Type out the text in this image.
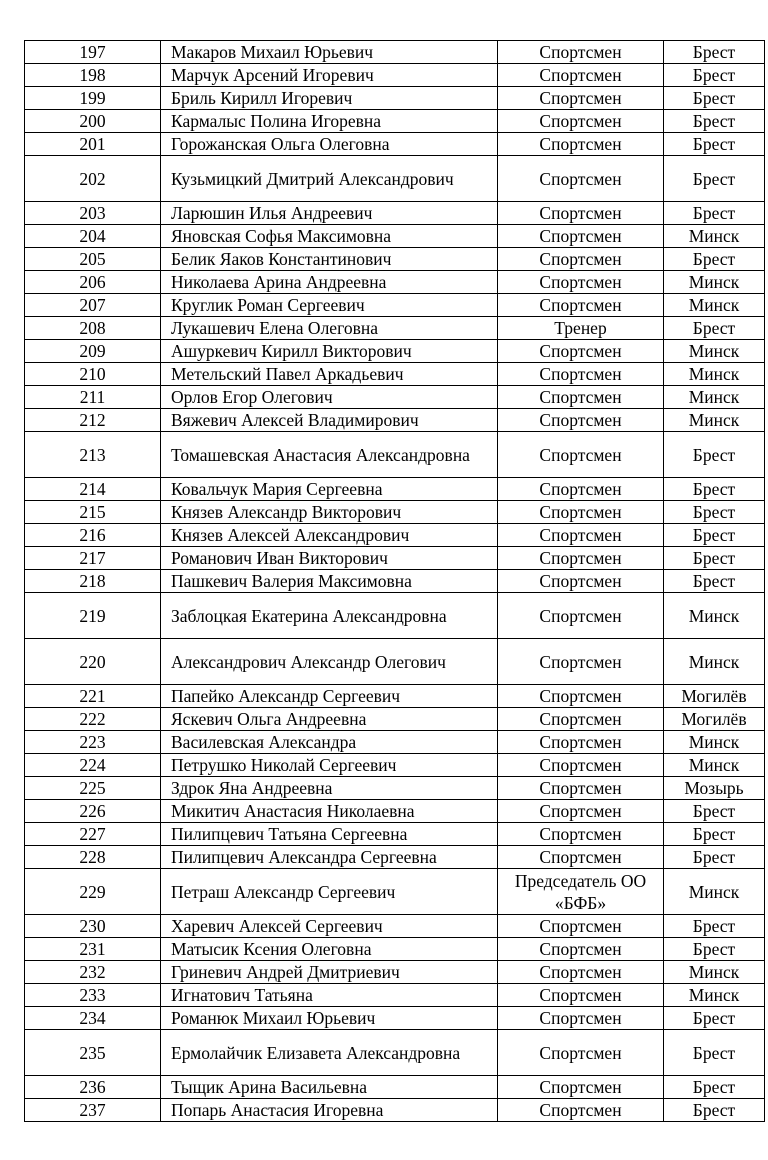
197	Макаров Михаил Юрьевич	Спортсмен	Брест
198	Марчук Арсений Игоревич	Спортсмен	Брест
199	Бриль Кирилл Игоревич	Спортсмен	Брест
200	Кармалыс Полина Игоревна	Спортсмен	Брест
201	Горожанская Ольга Олеговна	Спортсмен	Брест
202	Кузьмицкий Дмитрий Александрович	Спортсмен	Брест
203	Ларюшин Илья Андреевич	Спортсмен	Брест
204	Яновская Софья Максимовна	Спортсмен	Минск
205	Белик Яаков Константинович	Спортсмен	Брест
206	Николаева Арина Андреевна	Спортсмен	Минск
207	Круглик Роман Сергеевич	Спортсмен	Минск
208	Лукашевич Елена Олеговна	Тренер	Брест
209	Ашуркевич Кирилл Викторович	Спортсмен	Минск
210	Метельский Павел Аркадьевич	Спортсмен	Минск
211	Орлов Егор Олегович	Спортсмен	Минск
212	Вяжевич Алексей Владимирович	Спортсмен	Минск
213	Томашевская Анастасия Александровна	Спортсмен	Брест
214	Ковальчук Мария Сергеевна	Спортсмен	Брест
215	Князев Александр Викторович	Спортсмен	Брест
216	Князев Алексей Александрович	Спортсмен	Брест
217	Романович Иван Викторович	Спортсмен	Брест
218	Пашкевич Валерия Максимовна	Спортсмен	Брест
219	Заблоцкая Екатерина Александровна	Спортсмен	Минск
220	Александрович Александр Олегович	Спортсмен	Минск
221	Папейко Александр Сергеевич	Спортсмен	Могилёв
222	Яскевич Ольга Андреевна	Спортсмен	Могилёв
223	Василевская Александра	Спортсмен	Минск
224	Петрушко Николай Сергеевич	Спортсмен	Минск
225	Здрок Яна Андреевна	Спортсмен	Мозырь
226	Микитич Анастасия Николаевна	Спортсмен	Брест
227	Пилипцевич Татьяна Сергеевна	Спортсмен	Брест
228	Пилипцевич Александра Сергеевна	Спортсмен	Брест
229	Петраш Александр Сергеевич	Председатель ОО «БФБ»	Минск
230	Харевич Алексей Сергеевич	Спортсмен	Брест
231	Матысик Ксения Олеговна	Спортсмен	Брест
232	Гриневич Андрей Дмитриевич	Спортсмен	Минск
233	Игнатович Татьяна	Спортсмен	Минск
234	Романюк Михаил Юрьевич	Спортсмен	Брест
235	Ермолайчик Елизавета Александровна	Спортсмен	Брест
236	Тыщик Арина Васильевна	Спортсмен	Брест
237	Попарь Анастасия Игоревна	Спортсмен	Брест
